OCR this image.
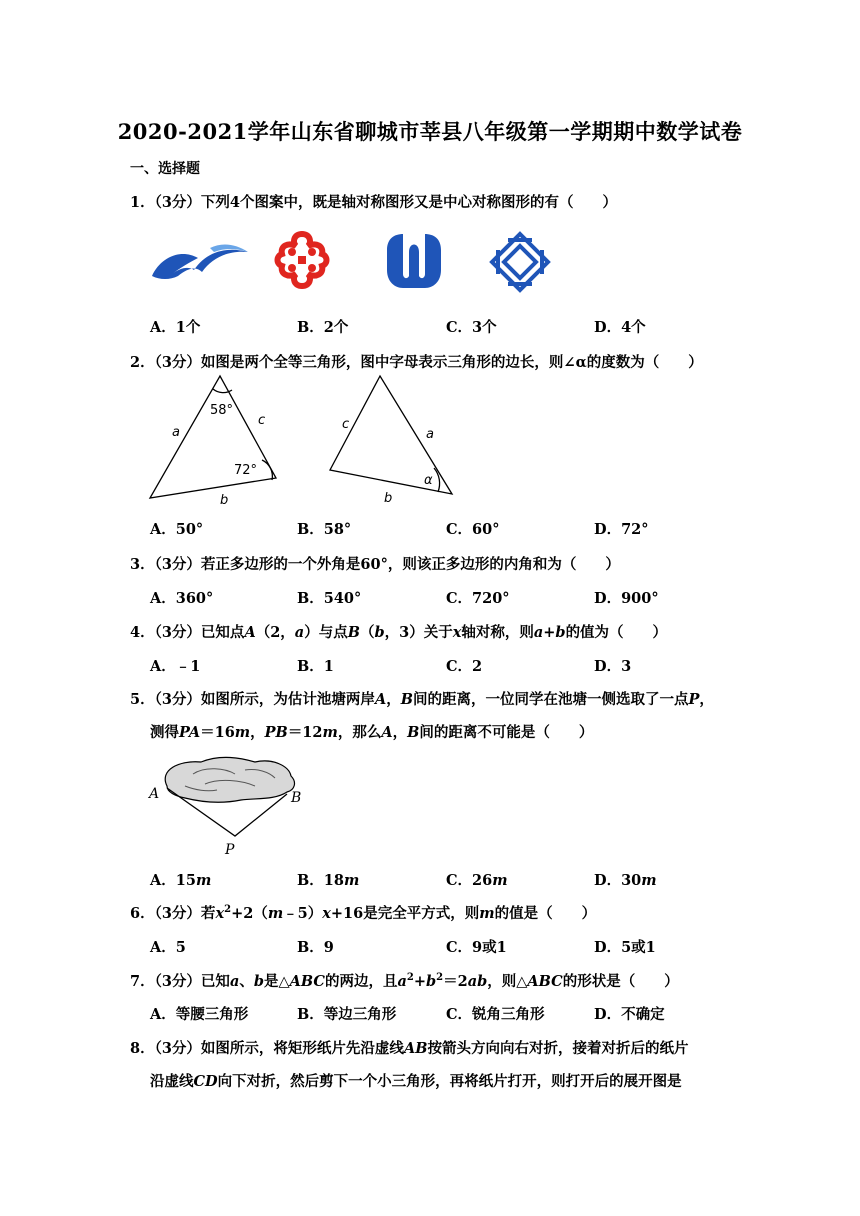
2020-2021学年山东省聊城市莘县八年级第一学期期中数学试卷
一、选择题
1．（3分）下列4个图案中，既是轴对称图形又是中心对称图形的有（　　）
A．1个	B．2个	C．3个	D．4个
2．（3分）如图是两个全等三角形，图中字母表示三角形的边长，则∠α的度数为（　　）
58°
72°
a
c
b
c
a
b
α
A．50°	B．58°	C．60°	D．72°
3．（3分）若正多边形的一个外角是60°，则该正多边形的内角和为（　　）
A．360°	B．540°	C．720°	D．900°
4．（3分）已知点A（2，a）与点B（b，3）关于x轴对称，则a+b的值为（　　）
A．﹣1	B．1	C．2	D．3
5．（3分）如图所示，为估计池塘两岸A，B间的距离，一位同学在池塘一侧选取了一点P，
测得PA＝16m，PB＝12m，那么A，B间的距离不可能是（　　）
A	B
P
A．15m	B．18m	C．26m	D．30m
6．（3分）若$x^2+2(m﹣5)x+16$是完全平方式，则m的值是（　　）
A．5	B．9	C．9或1	D．5或1
7．（3分）已知a、b是△ABC的两边，且$a^2+b^2=2ab$，则△ABC的形状是（　　）
A．等腰三角形	B．等边三角形	C．锐角三角形	D．不确定
8．（3分）如图所示，将矩形纸片先沿虚线AB按箭头方向向右对折，接着对折后的纸片
沿虚线CD向下对折，然后剪下一个小三角形，再将纸片打开，则打开后的展开图是
